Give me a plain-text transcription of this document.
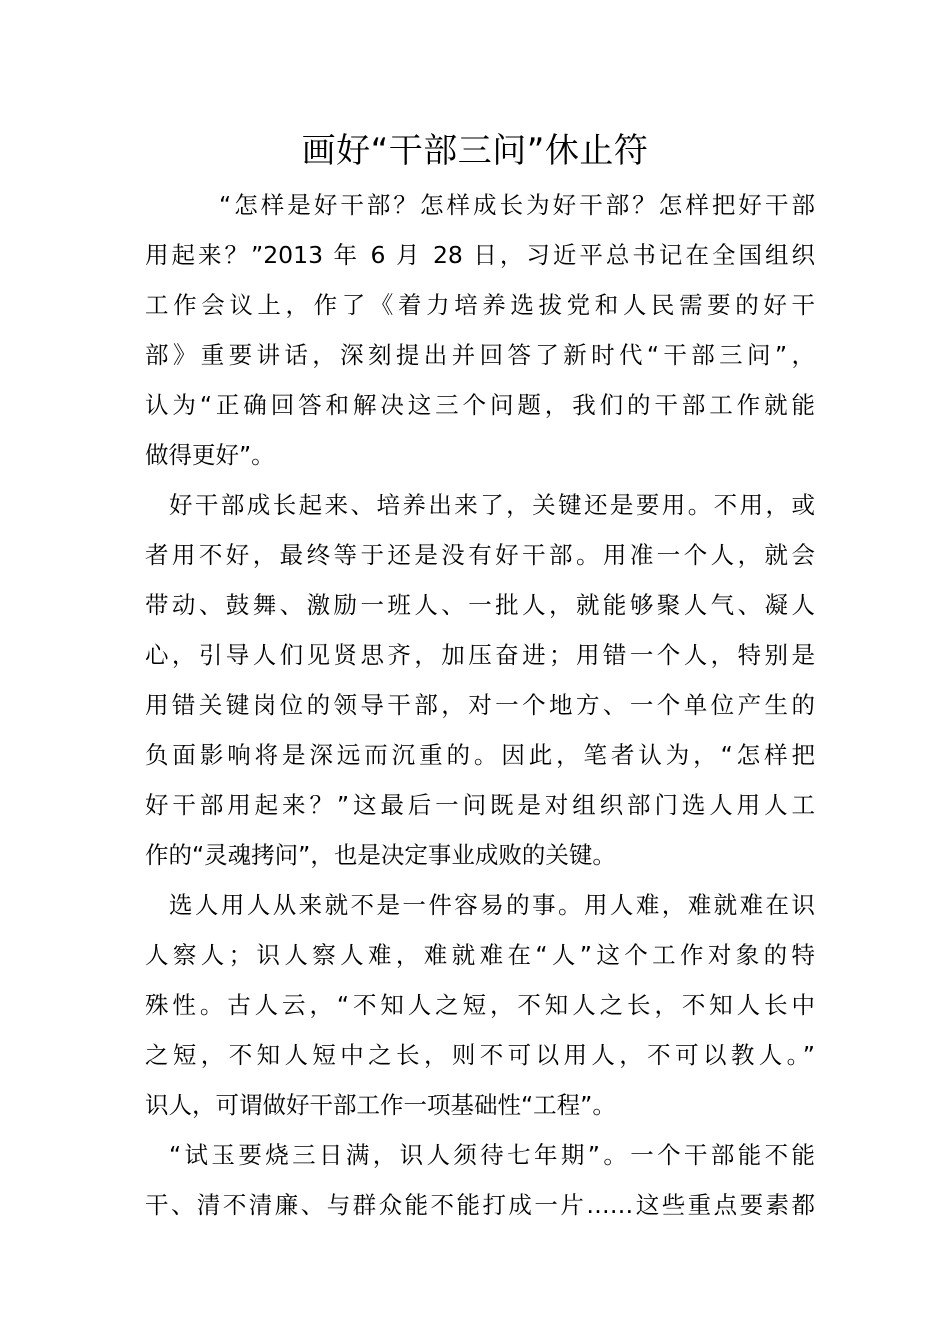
画好“干部三问”休止符
“怎样是好干部？怎样成长为好干部？怎样把好干部
用起来？”2013 年 6 月 28 日，习近平总书记在全国组织
工作会议上，作了《着力培养选拔党和人民需要的好干
部》重要讲话，深刻提出并回答了新时代“干部三问”，
认为“正确回答和解决这三个问题，我们的干部工作就能
做得更好”。
好干部成长起来、培养出来了，关键还是要用。不用，或
者用不好，最终等于还是没有好干部。用准一个人，就会
带动、鼓舞、激励一班人、一批人，就能够聚人气、凝人
心，引导人们见贤思齐，加压奋进；用错一个人，特别是
用错关键岗位的领导干部，对一个地方、一个单位产生的
负面影响将是深远而沉重的。因此，笔者认为，“怎样把
好干部用起来？”这最后一问既是对组织部门选人用人工
作的“灵魂拷问”，也是决定事业成败的关键。
选人用人从来就不是一件容易的事。用人难，难就难在识
人察人；识人察人难，难就难在“人”这个工作对象的特
殊性。古人云，“不知人之短，不知人之长，不知人长中
之短，不知人短中之长，则不可以用人，不可以教人。”
识人，可谓做好干部工作一项基础性“工程”。
“试玉要烧三日满，识人须待七年期”。一个干部能不能
干、清不清廉、与群众能不能打成一片……这些重点要素都
